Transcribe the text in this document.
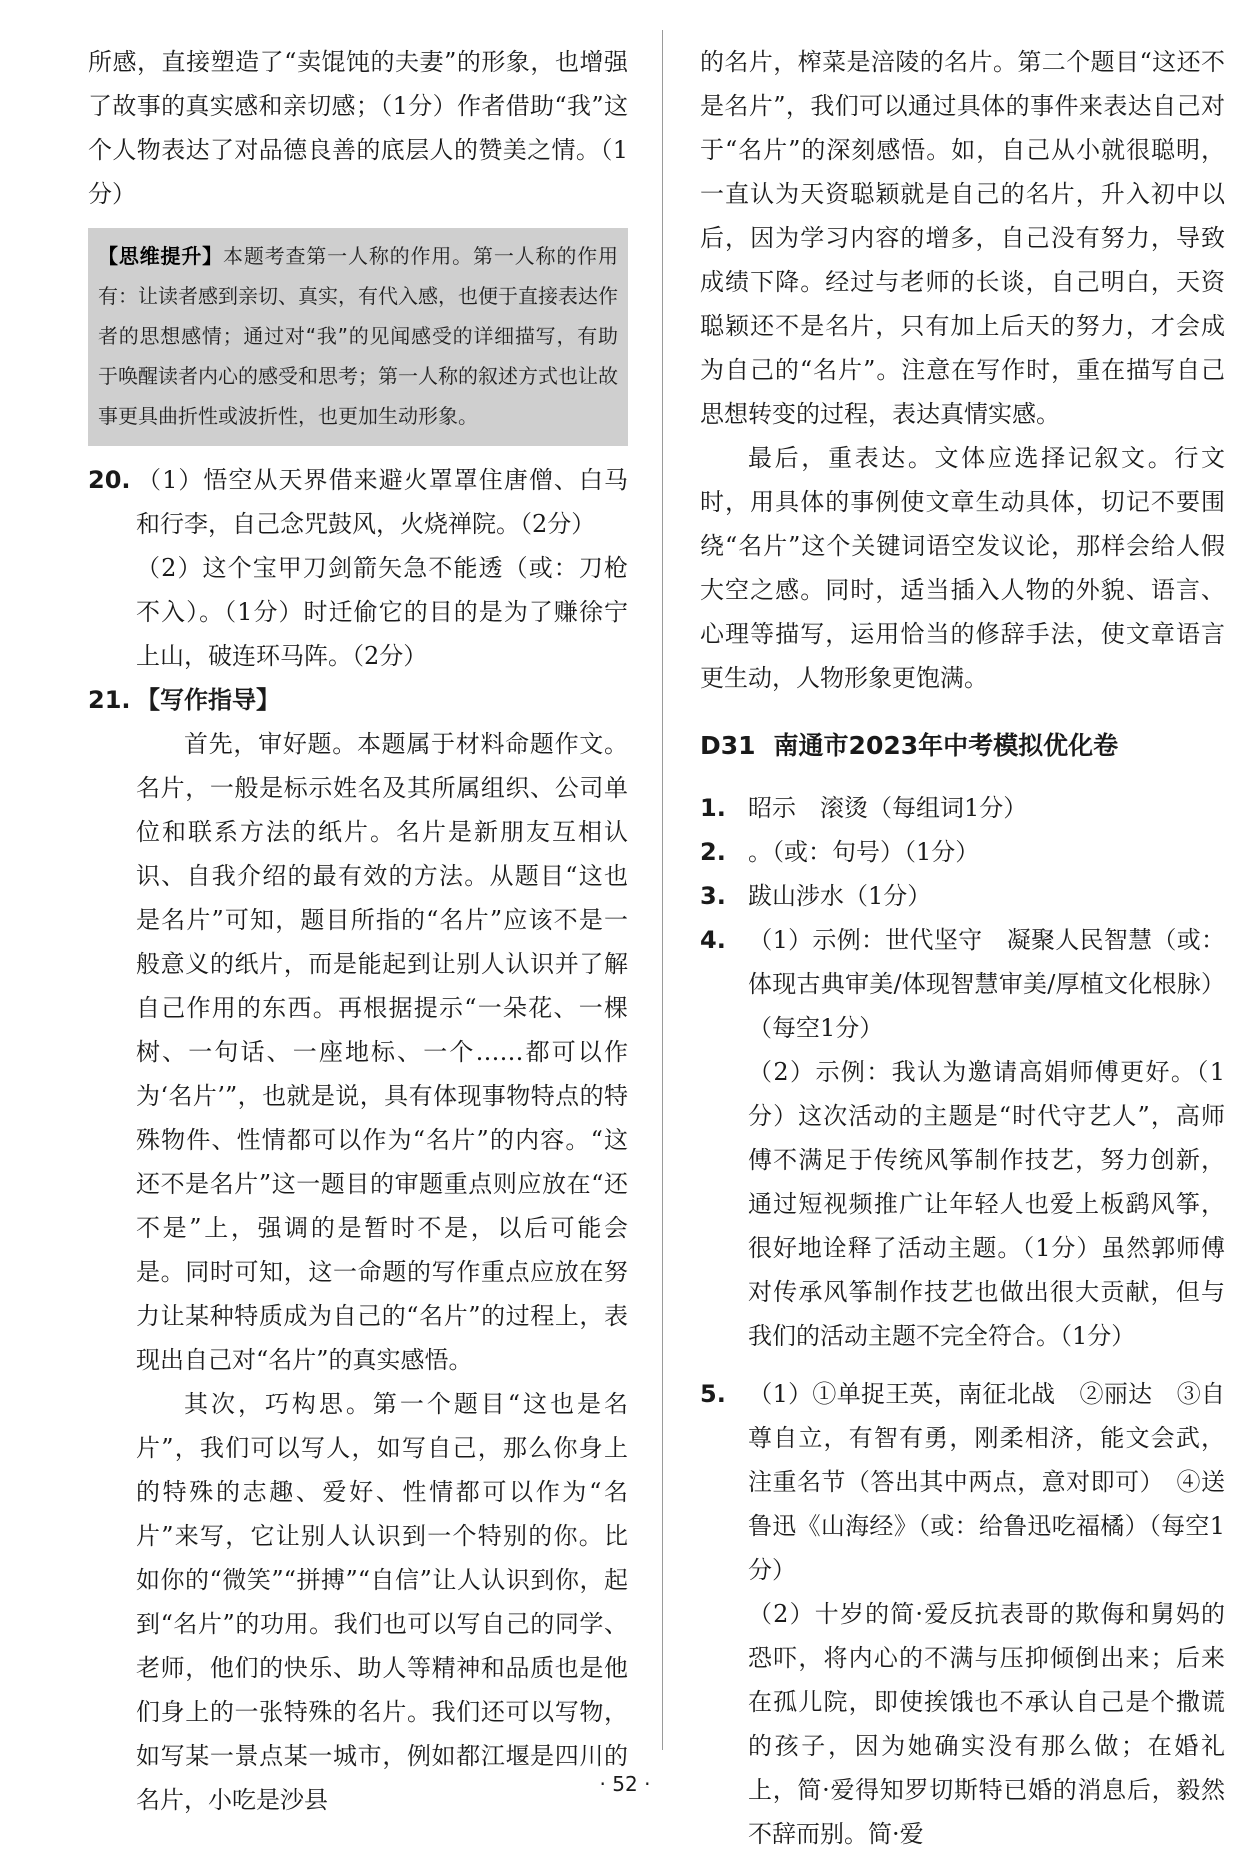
所感，直接塑造了“卖馄饨的夫妻”的形象，也增强了故事的真实感和亲切感；（1分）作者借助“我”这个人物表达了对品德良善的底层人的赞美之情。（1分）

【思维提升】本题考查第一人称的作用。第一人称的作用有：让读者感到亲切、真实，有代入感，也便于直接表达作者的思想感情；通过对“我”的见闻感受的详细描写，有助于唤醒读者内心的感受和思考；第一人称的叙述方式也让故事更具曲折性或波折性，也更加生动形象。

20. （1）悟空从天界借来避火罩罩住唐僧、白马和行李，自己念咒鼓风，火烧禅院。（2分）

（2）这个宝甲刀剑箭矢急不能透（或：刀枪不入）。（1分）时迁偷它的目的是为了赚徐宁上山，破连环马阵。（2分）

21. 【写作指导】

首先，审好题。本题属于材料命题作文。名片，一般是标示姓名及其所属组织、公司单位和联系方法的纸片。名片是新朋友互相认识、自我介绍的最有效的方法。从题目“这也是名片”可知，题目所指的“名片”应该不是一般意义的纸片，而是能起到让别人认识并了解自己作用的东西。再根据提示“一朵花、一棵树、一句话、一座地标、一个……都可以作为‘名片’”，也就是说，具有体现事物特点的特殊物件、性情都可以作为“名片”的内容。“这还不是名片”这一题目的审题重点则应放在“还不是”上，强调的是暂时不是，以后可能会是。同时可知，这一命题的写作重点应放在努力让某种特质成为自己的“名片”的过程上，表现出自己对“名片”的真实感悟。

其次，巧构思。第一个题目“这也是名片”，我们可以写人，如写自己，那么你身上的特殊的志趣、爱好、性情都可以作为“名片”来写，它让别人认识到一个特别的你。比如你的“微笑”“拼搏”“自信”让人认识到你，起到“名片”的功用。我们也可以写自己的同学、老师，他们的快乐、助人等精神和品质也是他们身上的一张特殊的名片。我们还可以写物，如写某一景点某一城市，例如都江堰是四川的名片，小吃是沙县

的名片，榨菜是涪陵的名片。第二个题目“这还不是名片”，我们可以通过具体的事件来表达自己对于“名片”的深刻感悟。如，自己从小就很聪明，一直认为天资聪颖就是自己的名片，升入初中以后，因为学习内容的增多，自己没有努力，导致成绩下降。经过与老师的长谈，自己明白，天资聪颖还不是名片，只有加上后天的努力，才会成为自己的“名片”。注意在写作时，重在描写自己思想转变的过程，表达真情实感。

最后，重表达。文体应选择记叙文。行文时，用具体的事例使文章生动具体，切记不要围绕“名片”这个关键词语空发议论，那样会给人假大空之感。同时，适当插入人物的外貌、语言、心理等描写，运用恰当的修辞手法，使文章语言更生动，人物形象更饱满。

D31 南通市2023年中考模拟优化卷

1. 昭示　滚烫（每组词1分）

2. 。（或：句号）（1分）

3. 跋山涉水（1分）

4. （1）示例：世代坚守　凝聚人民智慧（或：体现古典审美/体现智慧审美/厚植文化根脉）（每空1分）

（2）示例：我认为邀请高娟师傅更好。（1分）这次活动的主题是“时代守艺人”，高师傅不满足于传统风筝制作技艺，努力创新，通过短视频推广让年轻人也爱上板鹞风筝，很好地诠释了活动主题。（1分）虽然郭师傅对传承风筝制作技艺也做出很大贡献，但与我们的活动主题不完全符合。（1分）

5. （1）①单捉王英，南征北战　②丽达　③自尊自立，有智有勇，刚柔相济，能文会武，注重名节（答出其中两点，意对即可）　④送鲁迅《山海经》（或：给鲁迅吃福橘）（每空1分）

（2）十岁的简·爱反抗表哥的欺侮和舅妈的恐吓，将内心的不满与压抑倾倒出来；后来在孤儿院，即使挨饿也不承认自己是个撒谎的孩子，因为她确实没有那么做；在婚礼上，简·爱得知罗切斯特已婚的消息后，毅然不辞而别。简·爱

· 52 ·
